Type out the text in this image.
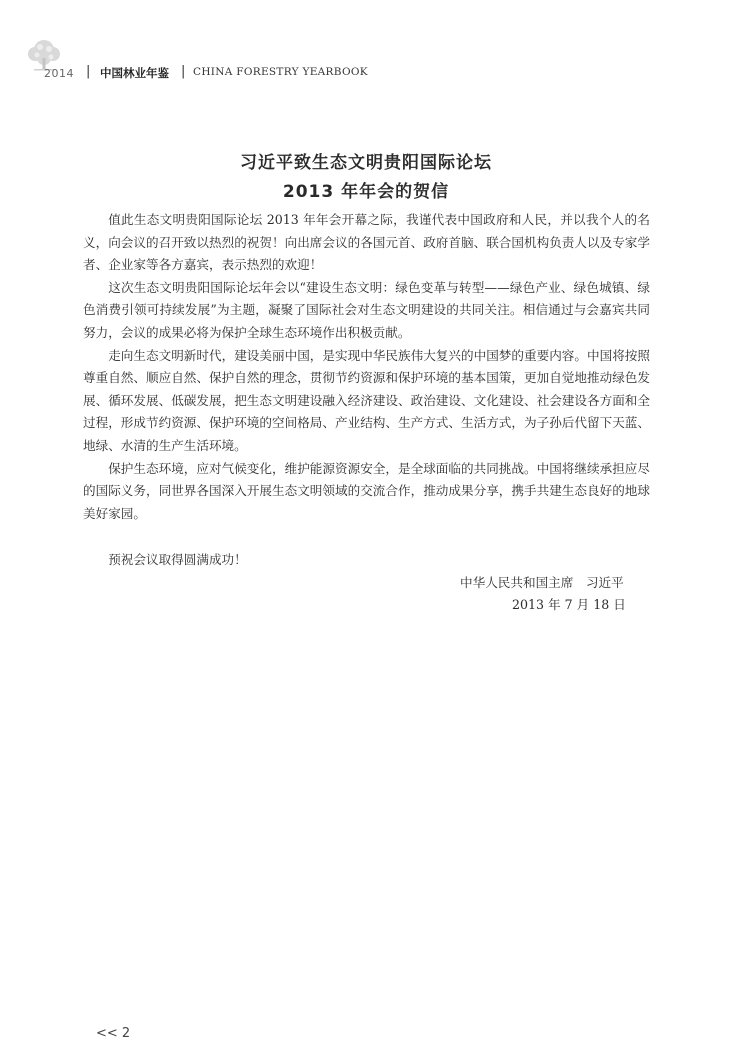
2014 | 中国林业年鉴 | CHINA FORESTRY YEARBOOK
习近平致生态文明贵阳国际论坛
2013 年年会的贺信

值此生态文明贵阳国际论坛 2013 年年会开幕之际，我谨代表中国政府和人民，并以我个人的名义，向会议的召开致以热烈的祝贺！向出席会议的各国元首、政府首脑、联合国机构负责人以及专家学者、企业家等各方嘉宾，表示热烈的欢迎！

这次生态文明贵阳国际论坛年会以“建设生态文明：绿色变革与转型——绿色产业、绿色城镇、绿色消费引领可持续发展”为主题，凝聚了国际社会对生态文明建设的共同关注。相信通过与会嘉宾共同努力，会议的成果必将为保护全球生态环境作出积极贡献。

走向生态文明新时代，建设美丽中国，是实现中华民族伟大复兴的中国梦的重要内容。中国将按照尊重自然、顺应自然、保护自然的理念，贯彻节约资源和保护环境的基本国策，更加自觉地推动绿色发展、循环发展、低碳发展，把生态文明建设融入经济建设、政治建设、文化建设、社会建设各方面和全过程，形成节约资源、保护环境的空间格局、产业结构、生产方式、生活方式，为子孙后代留下天蓝、地绿、水清的生产生活环境。

保护生态环境，应对气候变化，维护能源资源安全，是全球面临的共同挑战。中国将继续承担应尽的国际义务，同世界各国深入开展生态文明领域的交流合作，推动成果分享，携手共建生态良好的地球美好家园。

预祝会议取得圆满成功！

中华人民共和国主席　习近平
2013 年 7 月 18 日
<< 2
